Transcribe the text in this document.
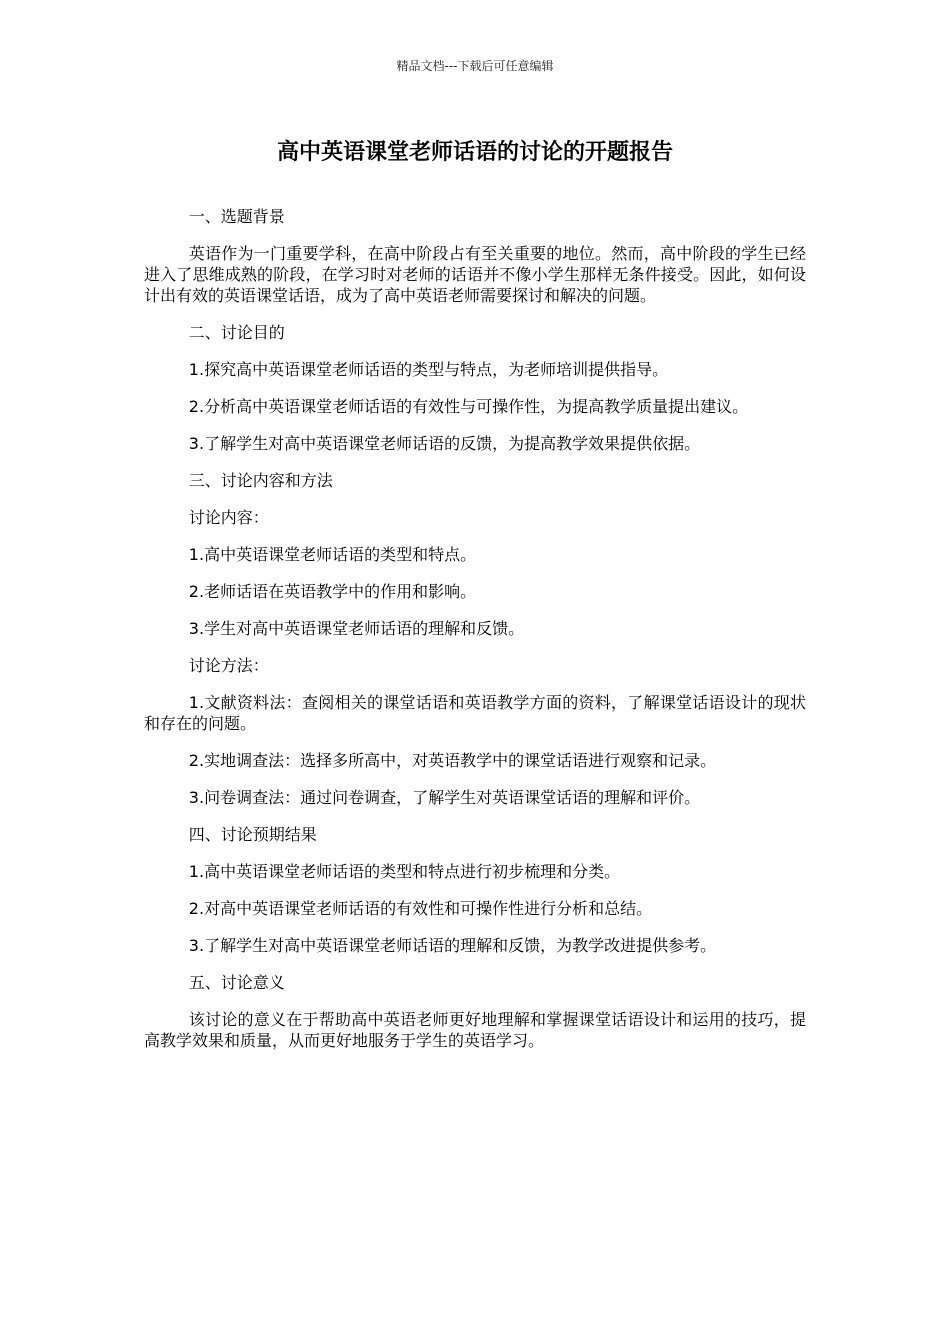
精品文档---下载后可任意编辑
高中英语课堂老师话语的讨论的开题报告

一、选题背景

英语作为一门重要学科，在高中阶段占有至关重要的地位。然而，高中阶段的学生已经进入了思维成熟的阶段，在学习时对老师的话语并不像小学生那样无条件接受。因此，如何设计出有效的英语课堂话语，成为了高中英语老师需要探讨和解决的问题。

二、讨论目的

1.探究高中英语课堂老师话语的类型与特点，为老师培训提供指导。

2.分析高中英语课堂老师话语的有效性与可操作性，为提高教学质量提出建议。

3.了解学生对高中英语课堂老师话语的反馈，为提高教学效果提供依据。

三、讨论内容和方法

讨论内容：

1.高中英语课堂老师话语的类型和特点。

2.老师话语在英语教学中的作用和影响。

3.学生对高中英语课堂老师话语的理解和反馈。

讨论方法：

1.文献资料法：查阅相关的课堂话语和英语教学方面的资料，了解课堂话语设计的现状和存在的问题。

2.实地调查法：选择多所高中，对英语教学中的课堂话语进行观察和记录。

3.问卷调查法：通过问卷调查，了解学生对英语课堂话语的理解和评价。

四、讨论预期结果

1.高中英语课堂老师话语的类型和特点进行初步梳理和分类。

2.对高中英语课堂老师话语的有效性和可操作性进行分析和总结。

3.了解学生对高中英语课堂老师话语的理解和反馈，为教学改进提供参考。

五、讨论意义

该讨论的意义在于帮助高中英语老师更好地理解和掌握课堂话语设计和运用的技巧，提高教学效果和质量，从而更好地服务于学生的英语学习。
